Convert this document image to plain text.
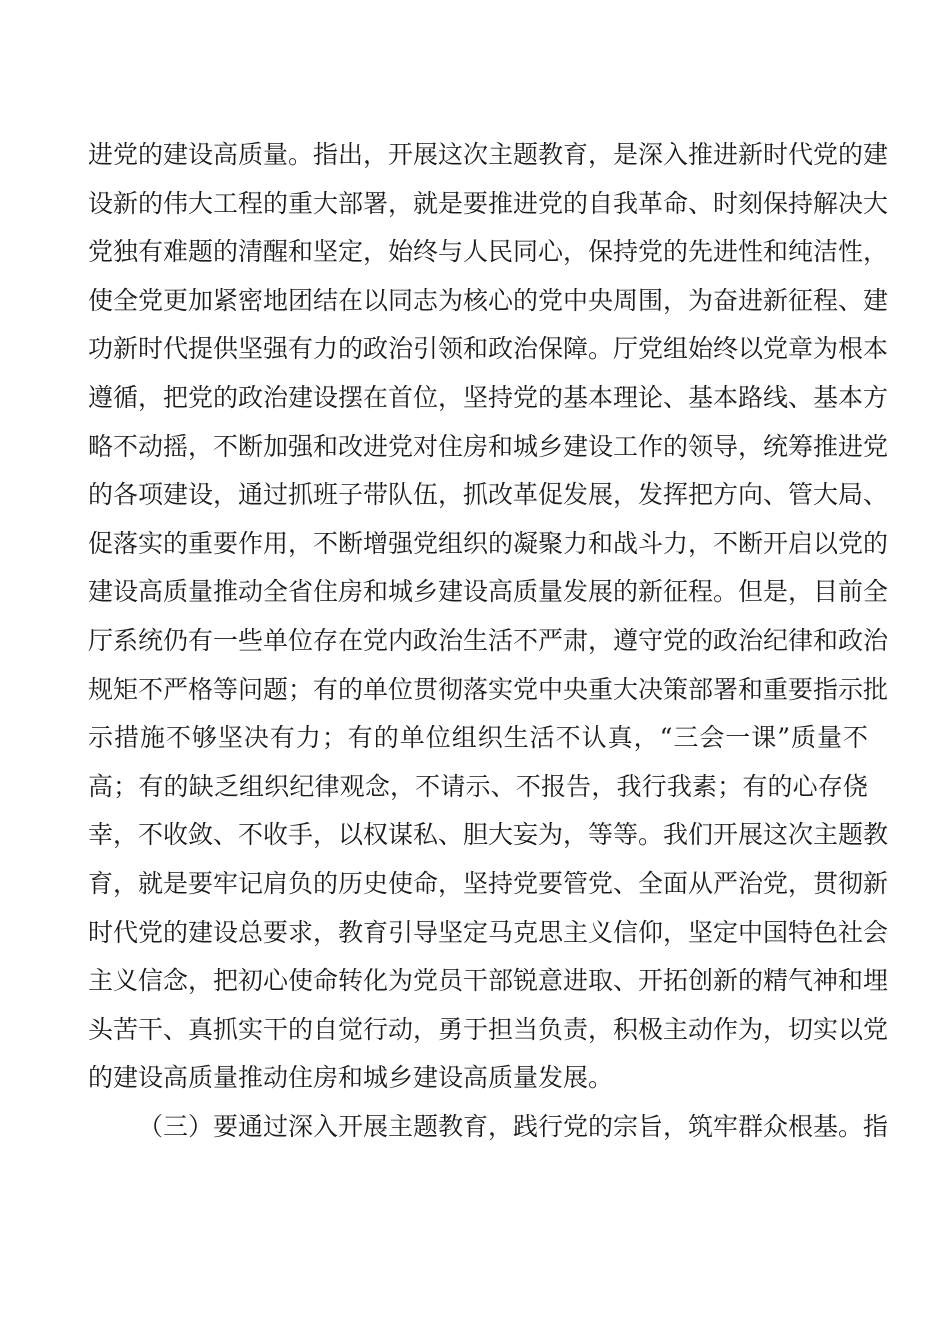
进党的建设高质量。指出，开展这次主题教育，是深入推进新时代党的建
设新的伟大工程的重大部署，就是要推进党的自我革命、时刻保持解决大
党独有难题的清醒和坚定，始终与人民同心，保持党的先进性和纯洁性，
使全党更加紧密地团结在以同志为核心的党中央周围，为奋进新征程、建
功新时代提供坚强有力的政治引领和政治保障。厅党组始终以党章为根本
遵循，把党的政治建设摆在首位，坚持党的基本理论、基本路线、基本方
略不动摇，不断加强和改进党对住房和城乡建设工作的领导，统筹推进党
的各项建设，通过抓班子带队伍，抓改革促发展，发挥把方向、管大局、
促落实的重要作用，不断增强党组织的凝聚力和战斗力，不断开启以党的
建设高质量推动全省住房和城乡建设高质量发展的新征程。但是，目前全
厅系统仍有一些单位存在党内政治生活不严肃，遵守党的政治纪律和政治
规矩不严格等问题；有的单位贯彻落实党中央重大决策部署和重要指示批
示措施不够坚决有力；有的单位组织生活不认真，“三会一课”质量不
高；有的缺乏组织纪律观念，不请示、不报告，我行我素；有的心存侥
幸，不收敛、不收手，以权谋私、胆大妄为，等等。我们开展这次主题教
育，就是要牢记肩负的历史使命，坚持党要管党、全面从严治党，贯彻新
时代党的建设总要求，教育引导坚定马克思主义信仰，坚定中国特色社会
主义信念，把初心使命转化为党员干部锐意进取、开拓创新的精气神和埋
头苦干、真抓实干的自觉行动，勇于担当负责，积极主动作为，切实以党
的建设高质量推动住房和城乡建设高质量发展。
（三）要通过深入开展主题教育，践行党的宗旨，筑牢群众根基。指
